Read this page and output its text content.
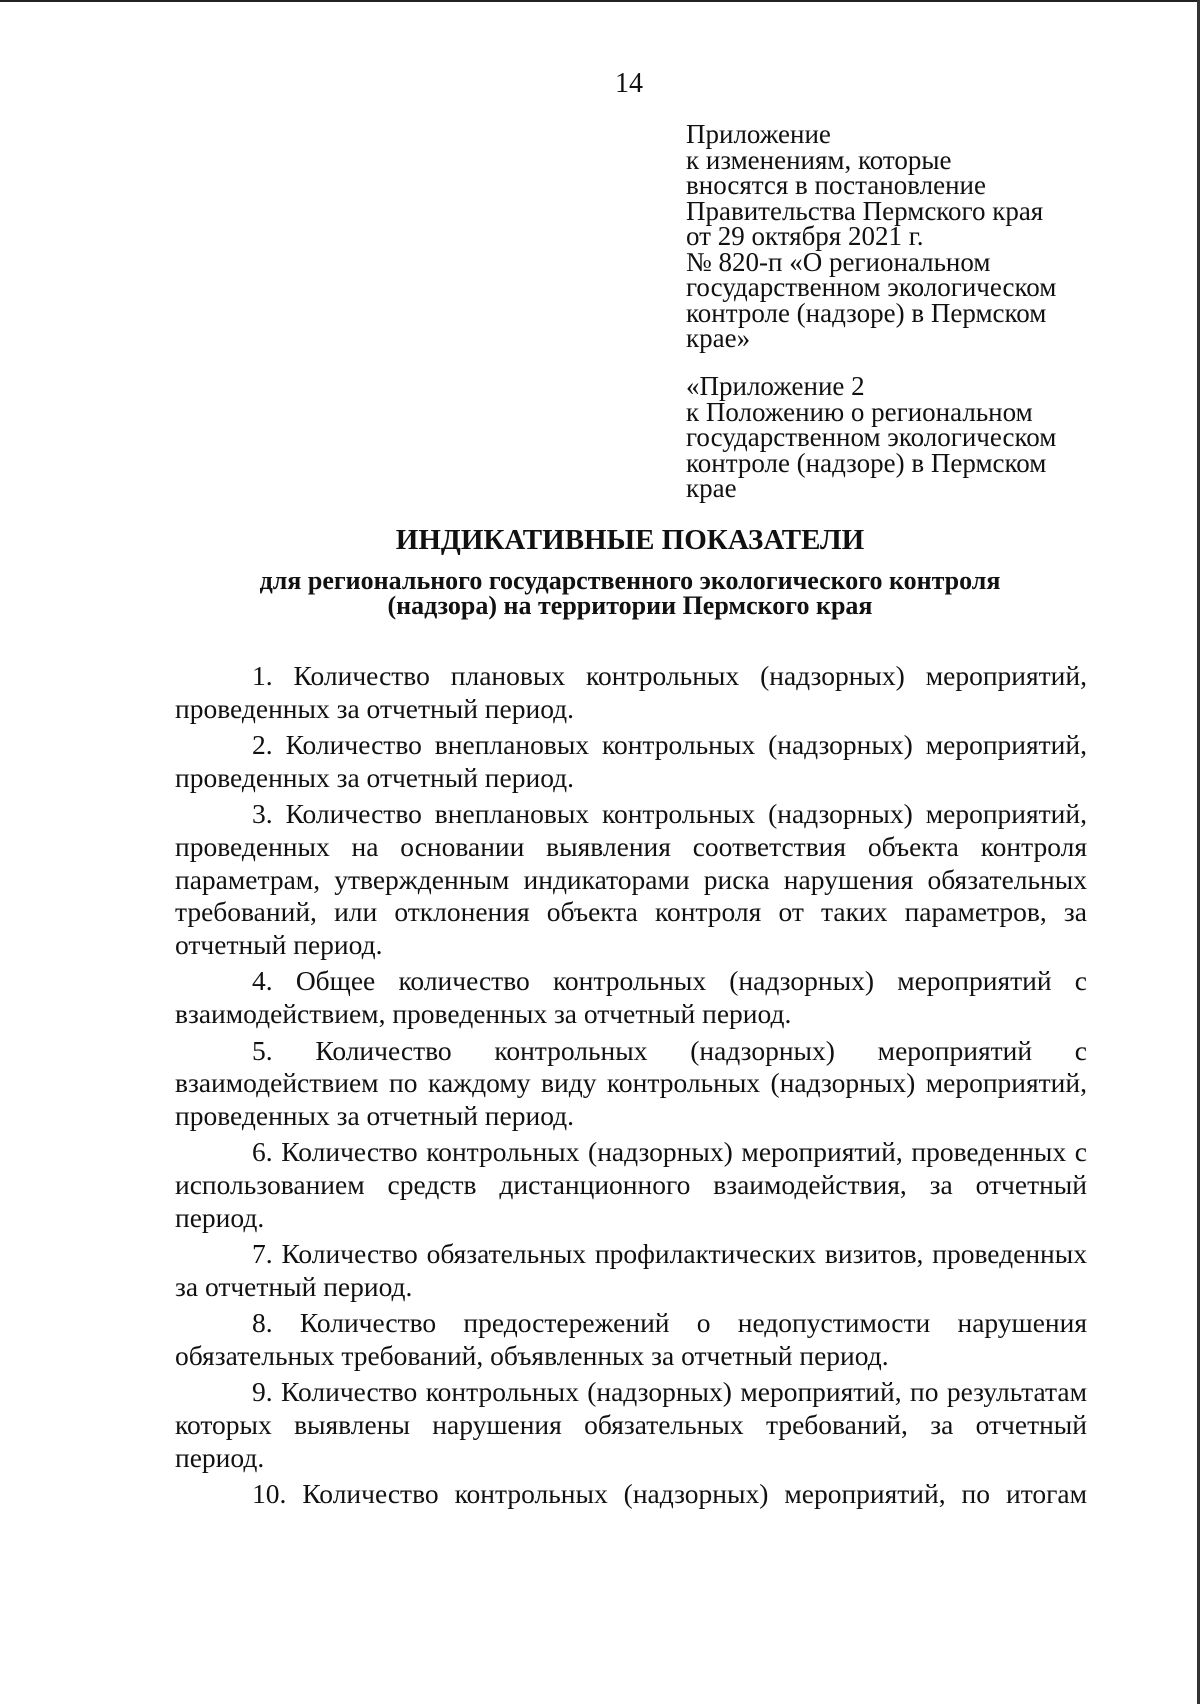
14
Приложение
к изменениям, которые
вносятся в постановление
Правительства Пермского края
от 29 октября 2021 г.
№ 820-п «О региональном
государственном экологическом
контроле (надзоре) в Пермском
крае»
«Приложение 2
к Положению о региональном
государственном экологическом
контроле (надзоре) в Пермском
крае
ИНДИКАТИВНЫЕ ПОКАЗАТЕЛИ
для регионального государственного экологического контроля
(надзора) на территории Пермского края

1. Количество плановых контрольных (надзорных) мероприятий, проведенных за отчетный период.

2. Количество внеплановых контрольных (надзорных) мероприятий, проведенных за отчетный период.

3. Количество внеплановых контрольных (надзорных) мероприятий, проведенных на основании выявления соответствия объекта контроля параметрам, утвержденным индикаторами риска нарушения обязательных требований, или отклонения объекта контроля от таких параметров, за отчетный период.

4. Общее количество контрольных (надзорных) мероприятий с взаимодействием, проведенных за отчетный период.

5. Количество контрольных (надзорных) мероприятий с взаимодействием по каждому виду контрольных (надзорных) мероприятий, проведенных за отчетный период.

6. Количество контрольных (надзорных) мероприятий, проведенных с использованием средств дистанционного взаимодействия, за отчетный период.

7. Количество обязательных профилактических визитов, проведенных за отчетный период.

8. Количество предостережений о недопустимости нарушения обязательных требований, объявленных за отчетный период.

9. Количество контрольных (надзорных) мероприятий, по результатам которых выявлены нарушения обязательных требований, за отчетный период.

10. Количество контрольных (надзорных) мероприятий, по итогам
